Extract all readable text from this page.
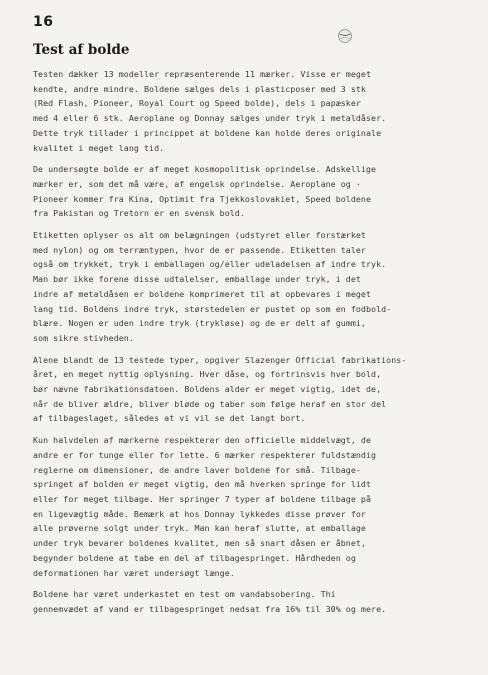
16
Test af bolde
Testen dækker 13 modeller repræsenterende 11 mærker. Visse er meget
kendte, andre mindre. Boldene sælges dels i plasticposer med 3 stk
(Red Flash, Pioneer, Royal Court og Speed bolde), dels i papæsker
med 4 eller 6 stk. Aeroplane og Donnay sælges under tryk i metaldåser.
Dette tryk tillader i princippet at boldene kan holde deres originale
kvalitet i meget lang tid.
De undersøgte bolde er af meget kosmopolitisk oprindelse. Adskellige
mærker er, som det må være, af engelsk oprindelse. Aeroplane og ·
Pioneer kommer fra Kina, Optimit fra Tjekkoslovakiet, Speed boldene
fra Pakistan og Tretorn er en svensk bold.
Etiketten oplyser os alt om belægningen (udstyret eller forstærket
med nylon) og om terræntypen, hvor de er passende. Etiketten taler
også om trykket, tryk i emballagen og/eller udeladelsen af indre tryk.
Man bør ikke forene disse udtalelser, emballage under tryk, i det
indre af metaldåsen er boldene komprimeret til at opbevares i meget
lang tid. Boldens indre tryk, størstedelen er pustet op som en fodbold-
blære. Nogen er uden indre tryk (trykløse) og de er delt af gummi,
som sikre stivheden.
Alene blandt de 13 testede typer, opgiver Slazenger Official fabrikations-
året, en meget nyttig oplysning. Hver dåse, og fortrinsvis hver bold,
bør nævne fabrikationsdatoen. Boldens alder er meget vigtig, idet de,
når de bliver ældre, bliver bløde og taber som følge heraf en stor del
af tilbageslaget, således at vi vil se det langt bort.
Kun halvdelen af mærkerne respekterer den officielle middelvægt, de
andre er for tunge eller for lette. 6 mærker respekterer fuldstændig
reglerne om dimensioner, de andre laver boldene for små. Tilbage-
springet af bolden er meget vigtig, den må hverken springe for lidt
eller for meget tilbage. Her springer 7 typer af boldene tilbage på
en ligevægtig måde. Bemærk at hos Donnay lykkedes disse prøver for
alle prøverne solgt under tryk. Man kan heraf slutte, at emballage
under tryk bevarer boldenes kvalitet, men så snart dåsen er åbnet,
begynder boldene at tabe en del af tilbagespringet. Hårdheden og
deformationen har været undersøgt længe.
Boldene har været underkastet en test om vandabsobering. Thi
gennemvædet af vand er tilbagespringet nedsat fra 16% til 30% og mere.
